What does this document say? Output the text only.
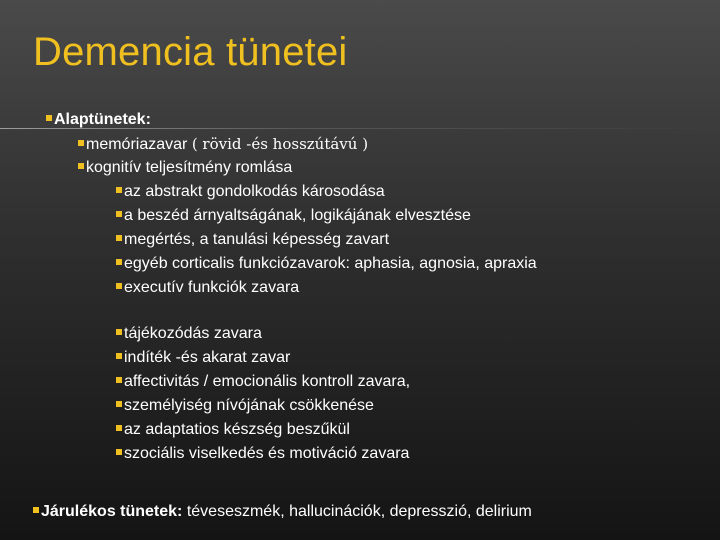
Demencia tünetei
Alaptünetek:
memóriazavar ( rövid -és hosszútávú )
kognitív teljesítmény romlása
az abstrakt gondolkodás károsodása
a beszéd árnyaltságának, logikájának elvesztése
megértés, a tanulási képesség zavart
egyéb corticalis funkciózavarok: aphasia, agnosia, apraxia
executív funkciók zavara
tájékozódás zavara
indíték -és akarat zavar
affectivitás / emocionális kontroll zavara,
személyiség nívójának csökkenése
az adaptatios készség beszűkül
szociális viselkedés és motiváció zavara
Járulékos tünetek: téveseszmék, hallucinációk, depresszió, delirium
